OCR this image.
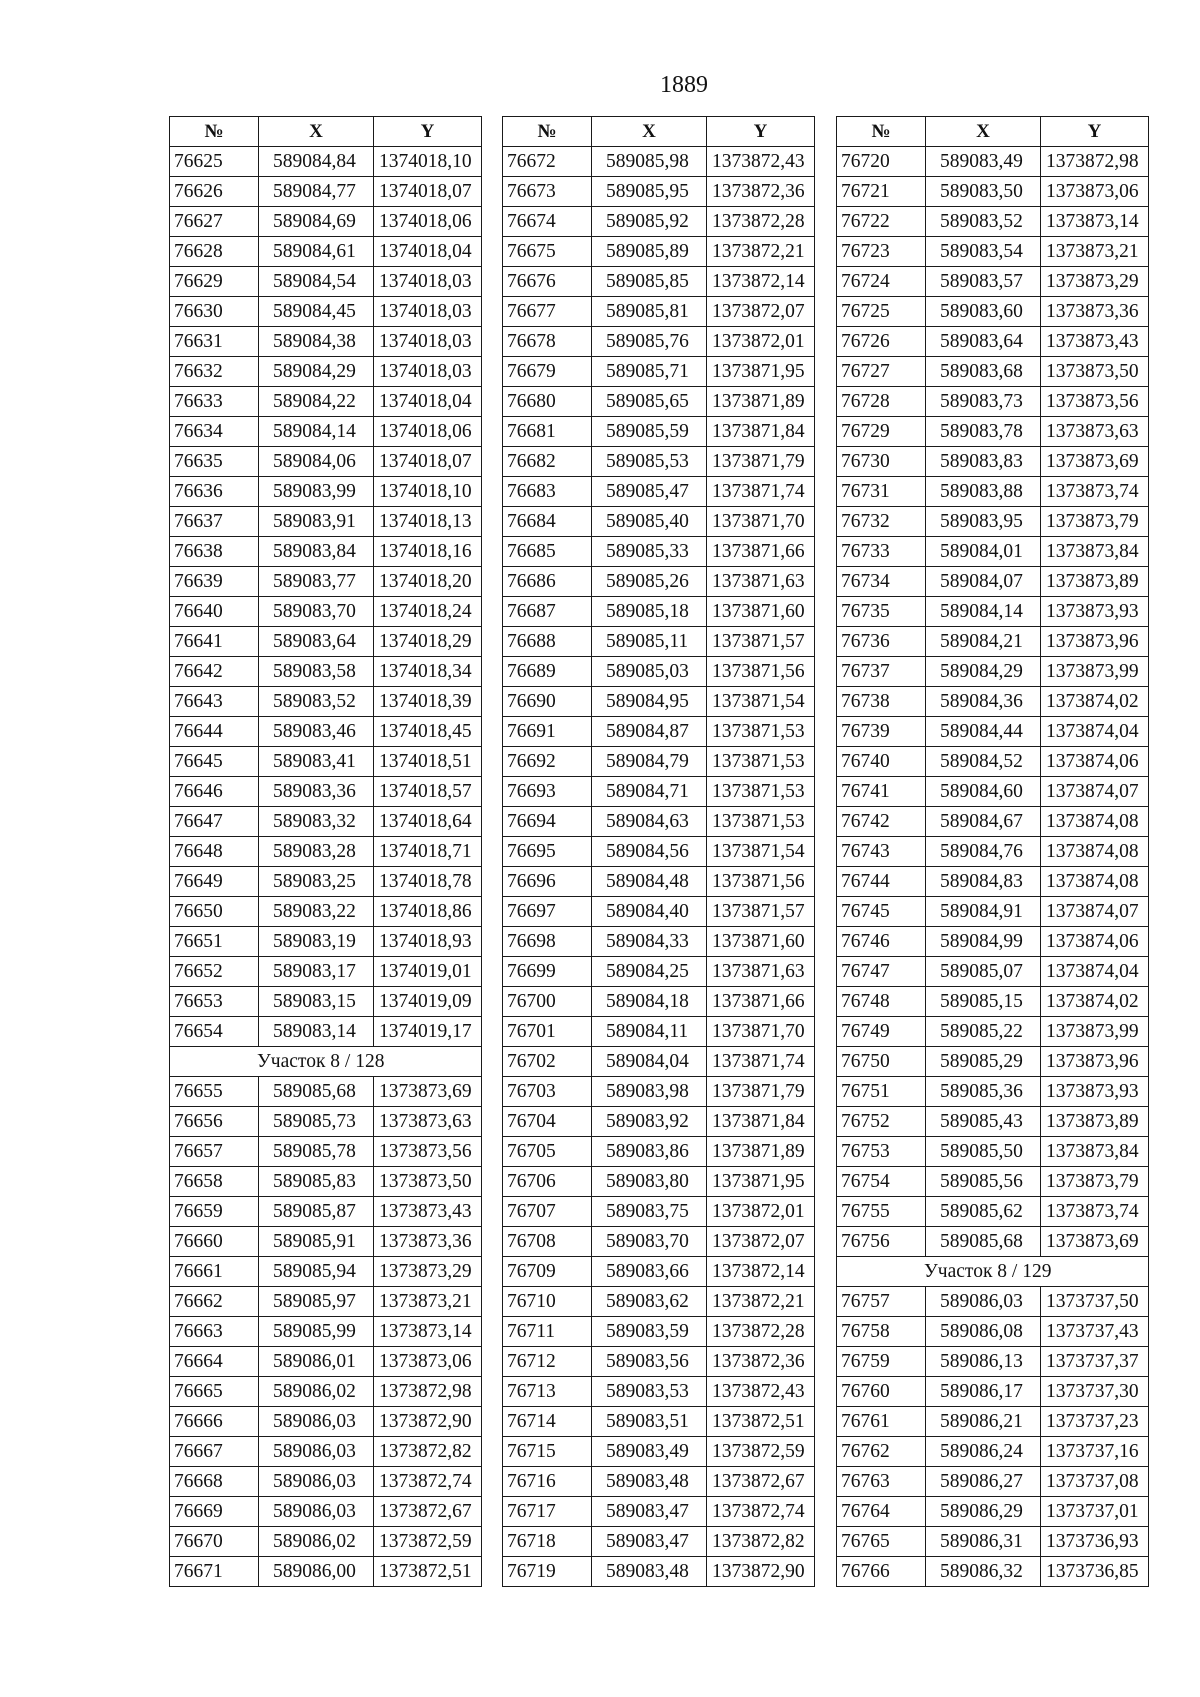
1889
№	X	Y
76625	589084,84	1374018,10
76626	589084,77	1374018,07
76627	589084,69	1374018,06
76628	589084,61	1374018,04
76629	589084,54	1374018,03
76630	589084,45	1374018,03
76631	589084,38	1374018,03
76632	589084,29	1374018,03
76633	589084,22	1374018,04
76634	589084,14	1374018,06
76635	589084,06	1374018,07
76636	589083,99	1374018,10
76637	589083,91	1374018,13
76638	589083,84	1374018,16
76639	589083,77	1374018,20
76640	589083,70	1374018,24
76641	589083,64	1374018,29
76642	589083,58	1374018,34
76643	589083,52	1374018,39
76644	589083,46	1374018,45
76645	589083,41	1374018,51
76646	589083,36	1374018,57
76647	589083,32	1374018,64
76648	589083,28	1374018,71
76649	589083,25	1374018,78
76650	589083,22	1374018,86
76651	589083,19	1374018,93
76652	589083,17	1374019,01
76653	589083,15	1374019,09
76654	589083,14	1374019,17
Участок 8 / 128		
76655	589085,68	1373873,69
76656	589085,73	1373873,63
76657	589085,78	1373873,56
76658	589085,83	1373873,50
76659	589085,87	1373873,43
76660	589085,91	1373873,36
76661	589085,94	1373873,29
76662	589085,97	1373873,21
76663	589085,99	1373873,14
76664	589086,01	1373873,06
76665	589086,02	1373872,98
76666	589086,03	1373872,90
76667	589086,03	1373872,82
76668	589086,03	1373872,74
76669	589086,03	1373872,67
76670	589086,02	1373872,59
76671	589086,00	1373872,51
№	X	Y
76672	589085,98	1373872,43
76673	589085,95	1373872,36
76674	589085,92	1373872,28
76675	589085,89	1373872,21
76676	589085,85	1373872,14
76677	589085,81	1373872,07
76678	589085,76	1373872,01
76679	589085,71	1373871,95
76680	589085,65	1373871,89
76681	589085,59	1373871,84
76682	589085,53	1373871,79
76683	589085,47	1373871,74
76684	589085,40	1373871,70
76685	589085,33	1373871,66
76686	589085,26	1373871,63
76687	589085,18	1373871,60
76688	589085,11	1373871,57
76689	589085,03	1373871,56
76690	589084,95	1373871,54
76691	589084,87	1373871,53
76692	589084,79	1373871,53
76693	589084,71	1373871,53
76694	589084,63	1373871,53
76695	589084,56	1373871,54
76696	589084,48	1373871,56
76697	589084,40	1373871,57
76698	589084,33	1373871,60
76699	589084,25	1373871,63
76700	589084,18	1373871,66
76701	589084,11	1373871,70
76702	589084,04	1373871,74
76703	589083,98	1373871,79
76704	589083,92	1373871,84
76705	589083,86	1373871,89
76706	589083,80	1373871,95
76707	589083,75	1373872,01
76708	589083,70	1373872,07
76709	589083,66	1373872,14
76710	589083,62	1373872,21
76711	589083,59	1373872,28
76712	589083,56	1373872,36
76713	589083,53	1373872,43
76714	589083,51	1373872,51
76715	589083,49	1373872,59
76716	589083,48	1373872,67
76717	589083,47	1373872,74
76718	589083,47	1373872,82
76719	589083,48	1373872,90
№	X	Y
76720	589083,49	1373872,98
76721	589083,50	1373873,06
76722	589083,52	1373873,14
76723	589083,54	1373873,21
76724	589083,57	1373873,29
76725	589083,60	1373873,36
76726	589083,64	1373873,43
76727	589083,68	1373873,50
76728	589083,73	1373873,56
76729	589083,78	1373873,63
76730	589083,83	1373873,69
76731	589083,88	1373873,74
76732	589083,95	1373873,79
76733	589084,01	1373873,84
76734	589084,07	1373873,89
76735	589084,14	1373873,93
76736	589084,21	1373873,96
76737	589084,29	1373873,99
76738	589084,36	1373874,02
76739	589084,44	1373874,04
76740	589084,52	1373874,06
76741	589084,60	1373874,07
76742	589084,67	1373874,08
76743	589084,76	1373874,08
76744	589084,83	1373874,08
76745	589084,91	1373874,07
76746	589084,99	1373874,06
76747	589085,07	1373874,04
76748	589085,15	1373874,02
76749	589085,22	1373873,99
76750	589085,29	1373873,96
76751	589085,36	1373873,93
76752	589085,43	1373873,89
76753	589085,50	1373873,84
76754	589085,56	1373873,79
76755	589085,62	1373873,74
76756	589085,68	1373873,69
Участок 8 / 129		
76757	589086,03	1373737,50
76758	589086,08	1373737,43
76759	589086,13	1373737,37
76760	589086,17	1373737,30
76761	589086,21	1373737,23
76762	589086,24	1373737,16
76763	589086,27	1373737,08
76764	589086,29	1373737,01
76765	589086,31	1373736,93
76766	589086,32	1373736,85
